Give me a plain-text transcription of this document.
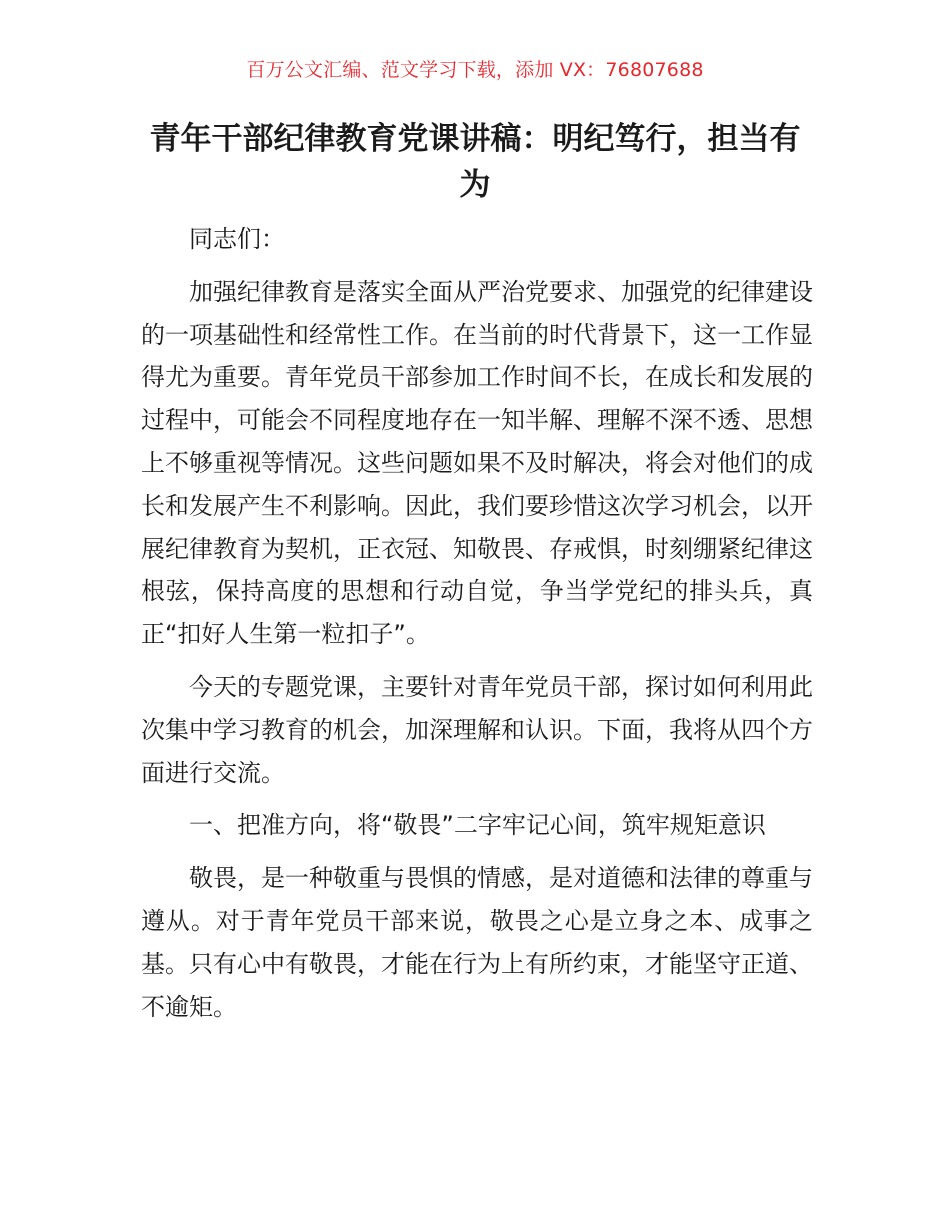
百万公文汇编、范文学习下载，添加 VX：76807688
青年干部纪律教育党课讲稿：明纪笃行，担当有为

同志们：

加强纪律教育是落实全面从严治党要求、加强党的纪律建设的一项基础性和经常性工作。在当前的时代背景下，这一工作显得尤为重要。青年党员干部参加工作时间不长，在成长和发展的过程中，可能会不同程度地存在一知半解、理解不深不透、思想上不够重视等情况。这些问题如果不及时解决，将会对他们的成长和发展产生不利影响。因此，我们要珍惜这次学习机会，以开展纪律教育为契机，正衣冠、知敬畏、存戒惧，时刻绷紧纪律这根弦，保持高度的思想和行动自觉，争当学党纪的排头兵，真正“扣好人生第一粒扣子”。

今天的专题党课，主要针对青年党员干部，探讨如何利用此次集中学习教育的机会，加深理解和认识。下面，我将从四个方面进行交流。

一、把准方向，将“敬畏”二字牢记心间，筑牢规矩意识

敬畏，是一种敬重与畏惧的情感，是对道德和法律的尊重与遵从。对于青年党员干部来说，敬畏之心是立身之本、成事之基。只有心中有敬畏，才能在行为上有所约束，才能坚守正道、不逾矩。
